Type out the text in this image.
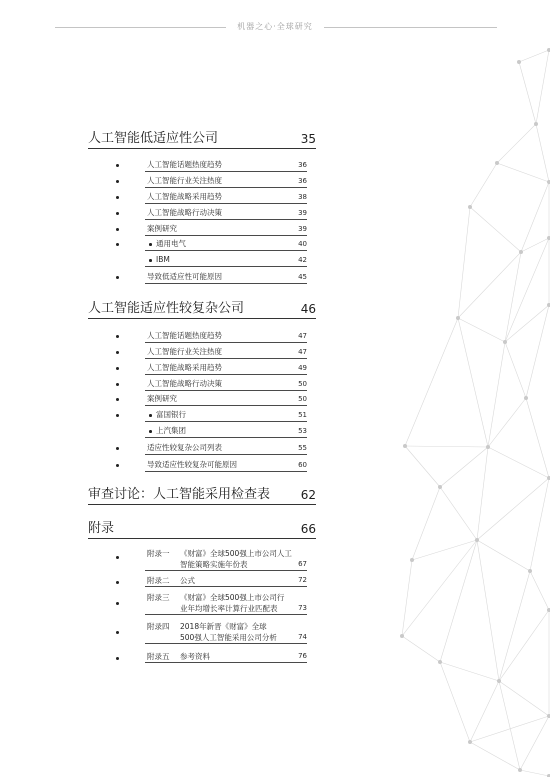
机器之心·全球研究
人工智能低适应性公司	35
人工智能话题热度趋势	36
人工智能行业关注热度	36
人工智能战略采用趋势	38
人工智能战略行动决策	39
案例研究	39
通用电气	40
IBM	42
导致低适应性可能原因	45
人工智能适应性较复杂公司	46
人工智能话题热度趋势	47
人工智能行业关注热度	47
人工智能战略采用趋势	49
人工智能战略行动决策	50
案例研究	50
富国银行	51
上汽集团	53
适应性较复杂公司列表	55
导致适应性较复杂可能原因	60
审查讨论：人工智能采用检查表	62
附录	66
附录一 《财富》全球500强上市公司人工
智能策略实施年份表	67
附录二 公式	72
附录三 《财富》全球500强上市公司行
业年均增长率计算行业匹配表	73
附录四 2018年新晋《财富》全球
500强人工智能采用公司分析	74
附录五 参考资料	76
